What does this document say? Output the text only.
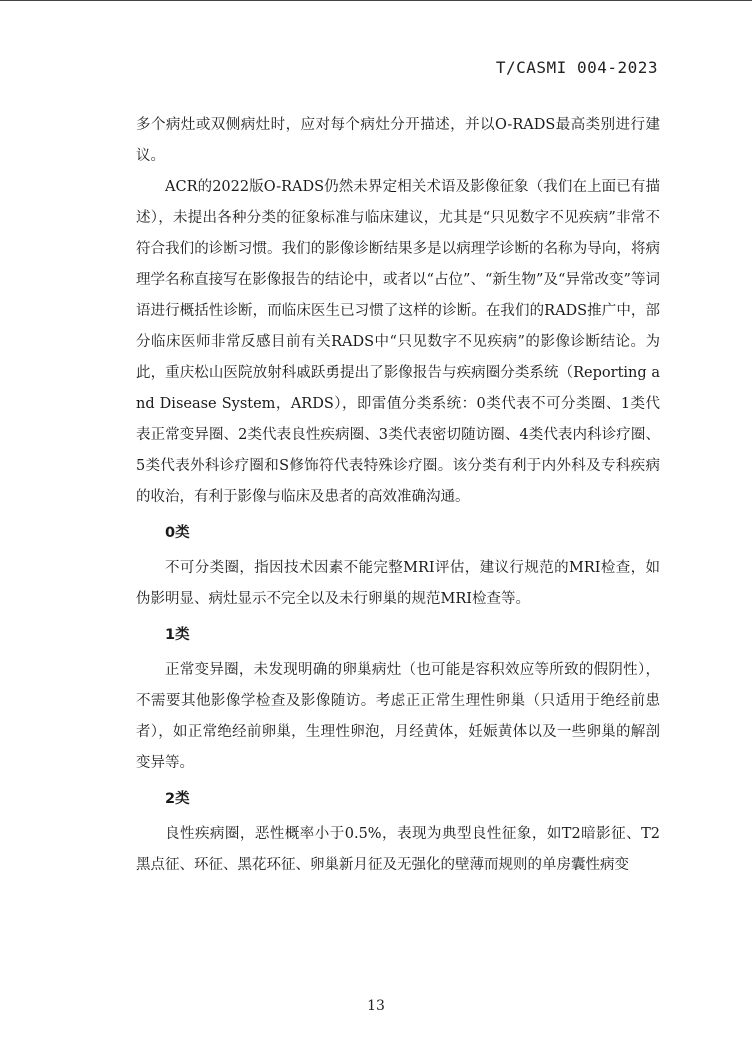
T/CASMI 004-2023

多个病灶或双侧病灶时，应对每个病灶分开描述，并以O-RADS最高类别进行建议。

ACR的2022版O-RADS仍然未界定相关术语及影像征象（我们在上面已有描述），未提出各种分类的征象标准与临床建议，尤其是“只见数字不见疾病”非常不符合我们的诊断习惯。我们的影像诊断结果多是以病理学诊断的名称为导向，将病理学名称直接写在影像报告的结论中，或者以“占位”、“新生物”及“异常改变”等词语进行概括性诊断，而临床医生已习惯了这样的诊断。在我们的RADS推广中，部分临床医师非常反感目前有关RADS中“只见数字不见疾病”的影像诊断结论。为此，重庆松山医院放射科戚跃勇提出了影像报告与疾病圈分类系统（Reporting and Disease System，ARDS），即雷值分类系统：0类代表不可分类圈、1类代表正常变异圈、2类代表良性疾病圈、3类代表密切随访圈、4类代表内科诊疗圈、5类代表外科诊疗圈和S修饰符代表特殊诊疗圈。该分类有利于内外科及专科疾病的收治，有利于影像与临床及患者的高效准确沟通。

0类

不可分类圈，指因技术因素不能完整MRI评估，建议行规范的MRI检查，如伪影明显、病灶显示不完全以及未行卵巢的规范MRI检查等。

1类

正常变异圈，未发现明确的卵巢病灶（也可能是容积效应等所致的假阴性），不需要其他影像学检查及影像随访。考虑正正常生理性卵巢（只适用于绝经前患者），如正常绝经前卵巢，生理性卵泡，月经黄体，妊娠黄体以及一些卵巢的解剖变异等。

2类

良性疾病圈，恶性概率小于0.5%，表现为典型良性征象，如T2暗影征、T2黑点征、环征、黑花环征、卵巢新月征及无强化的壁薄而规则的单房囊性病变

13
